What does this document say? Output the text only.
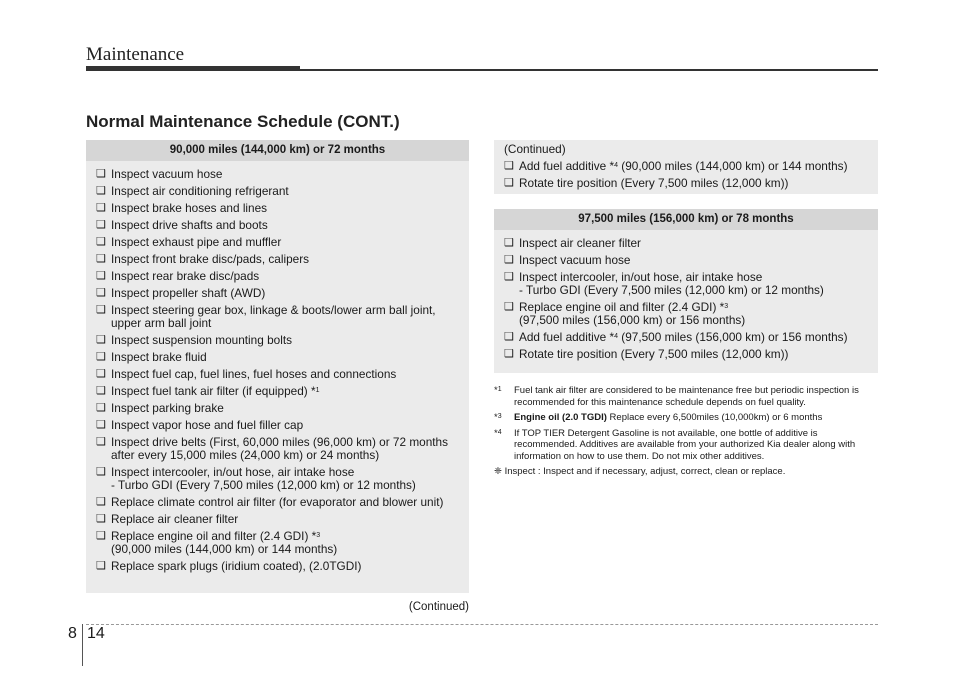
Maintenance
Normal Maintenance Schedule (CONT.)
90,000 miles (144,000 km) or 72 months
❑ Inspect vacuum hose
❑ Inspect air conditioning refrigerant
❑ Inspect brake hoses and lines
❑ Inspect drive shafts and boots
❑ Inspect exhaust pipe and muffler
❑ Inspect front brake disc/pads, calipers
❑ Inspect rear brake disc/pads
❑ Inspect propeller shaft (AWD)
❑ Inspect steering gear box, linkage & boots/lower arm ball joint,
upper arm ball joint
❑ Inspect suspension mounting bolts
❑ Inspect brake fluid
❑ Inspect fuel cap, fuel lines, fuel hoses and connections
❑ Inspect fuel tank air filter (if equipped) *$^1$
❑ Inspect parking brake
❑ Inspect vapor hose and fuel filler cap
❑ Inspect drive belts (First, 60,000 miles (96,000 km) or 72 months
after every 15,000 miles (24,000 km) or 24 months)
❑ Inspect intercooler, in/out hose, air intake hose
- Turbo GDI (Every 7,500 miles (12,000 km) or 12 months)
❑ Replace climate control air filter (for evaporator and blower unit)
❑ Replace air cleaner filter
❑ Replace engine oil and filter (2.4 GDI) *$^3$
(90,000 miles (144,000 km) or 144 months)
❑ Replace spark plugs (iridium coated), (2.0TGDI)
(Continued)
(Continued)
❑ Add fuel additive *$^4$ (90,000 miles (144,000 km) or 144 months)
❑ Rotate tire position (Every 7,500 miles (12,000 km))
97,500 miles (156,000 km) or 78 months
❑ Inspect air cleaner filter
❑ Inspect vacuum hose
❑ Inspect intercooler, in/out hose, air intake hose
- Turbo GDI (Every 7,500 miles (12,000 km) or 12 months)
❑ Replace engine oil and filter (2.4 GDI) *$^3$
(97,500 miles (156,000 km) or 156 months)
❑ Add fuel additive *$^4$ (97,500 miles (156,000 km) or 156 months)
❑ Rotate tire position (Every 7,500 miles (12,000 km))
*$^1$ Fuel tank air filter are considered to be maintenance free but periodic inspection is recommended for this maintenance schedule depends on fuel quality.
*$^3$ Engine oil (2.0 TGDI) Replace every 6,500miles (10,000km) or 6 months
*$^4$ If TOP TIER Detergent Gasoline is not available, one bottle of additive is recommended. Additives are available from your authorized Kia dealer along with information on how to use them. Do not mix other additives.
❈ Inspect : Inspect and if necessary, adjust, correct, clean or replace.
8 14
